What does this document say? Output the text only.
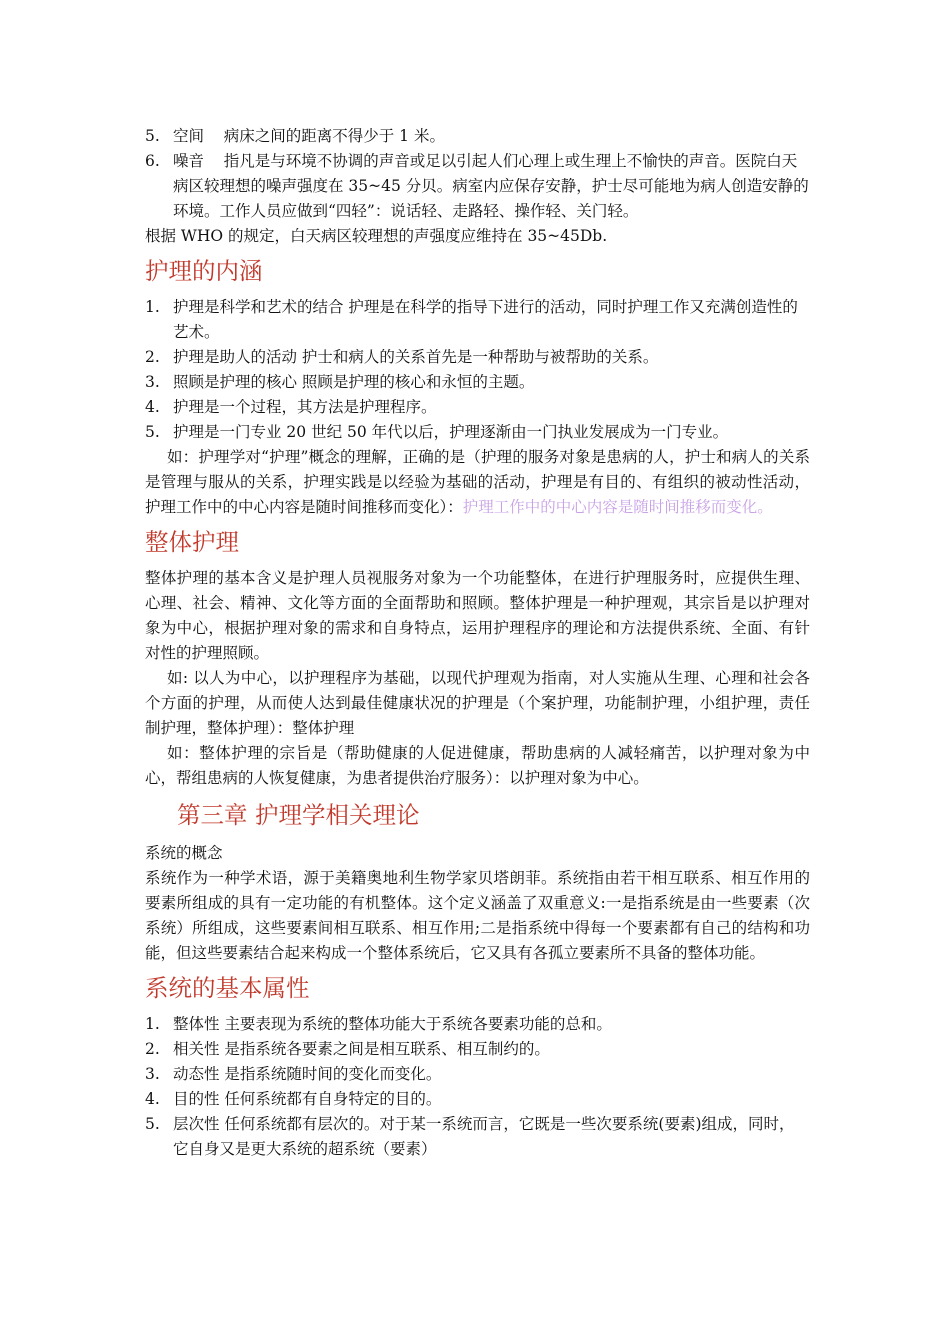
5. 空间 病床之间的距离不得少于 1 米。
6. 噪音 指凡是与环境不协调的声音或足以引起人们心理上或生理上不愉快的声音。医院白天病区较理想的噪声强度在 35~45 分贝。病室内应保存安静，护士尽可能地为病人创造安静的环境。工作人员应做到“四轻”：说话轻、走路轻、操作轻、关门轻。

根据 WHO 的规定，白天病区较理想的声强度应维持在 35~45Db.

护理的内涵
1. 护理是科学和艺术的结合 护理是在科学的指导下进行的活动，同时护理工作又充满创造性的艺术。
2. 护理是助人的活动 护士和病人的关系首先是一种帮助与被帮助的关系。
3. 照顾是护理的核心 照顾是护理的核心和永恒的主题。
4. 护理是一个过程，其方法是护理程序。
5. 护理是一门专业 20 世纪 50 年代以后，护理逐渐由一门执业发展成为一门专业。

如：护理学对“护理”概念的理解，正确的是（护理的服务对象是患病的人，护士和病人的关系是管理与服从的关系，护理实践是以经验为基础的活动，护理是有目的、有组织的被动性活动，护理工作中的中心内容是随时间推移而变化）：护理工作中的中心内容是随时间推移而变化。

整体护理

整体护理的基本含义是护理人员视服务对象为一个功能整体，在进行护理服务时，应提供生理、心理、社会、精神、文化等方面的全面帮助和照顾。整体护理是一种护理观，其宗旨是以护理对象为中心，根据护理对象的需求和自身特点，运用护理程序的理论和方法提供系统、全面、有针对性的护理照顾。

如: 以人为中心，以护理程序为基础，以现代护理观为指南，对人实施从生理、心理和社会各个方面的护理，从而使人达到最佳健康状况的护理是（个案护理，功能制护理，小组护理，责任制护理，整体护理）：整体护理

如：整体护理的宗旨是（帮助健康的人促进健康，帮助患病的人减轻痛苦，以护理对象为中心，帮组患病的人恢复健康，为患者提供治疗服务）：以护理对象为中心。

第三章 护理学相关理论

系统的概念

系统作为一种学术语，源于美籍奥地利生物学家贝塔朗菲。系统指由若干相互联系、相互作用的要素所组成的具有一定功能的有机整体。这个定义涵盖了双重意义:一是指系统是由一些要素（次系统）所组成，这些要素间相互联系、相互作用;二是指系统中得每一个要素都有自己的结构和功能，但这些要素结合起来构成一个整体系统后，它又具有各孤立要素所不具备的整体功能。

系统的基本属性
1. 整体性 主要表现为系统的整体功能大于系统各要素功能的总和。
2. 相关性 是指系统各要素之间是相互联系、相互制约的。
3. 动态性 是指系统随时间的变化而变化。
4. 目的性 任何系统都有自身特定的目的。
5. 层次性 任何系统都有层次的。对于某一系统而言，它既是一些次要系统(要素)组成，同时，它自身又是更大系统的超系统（要素）
